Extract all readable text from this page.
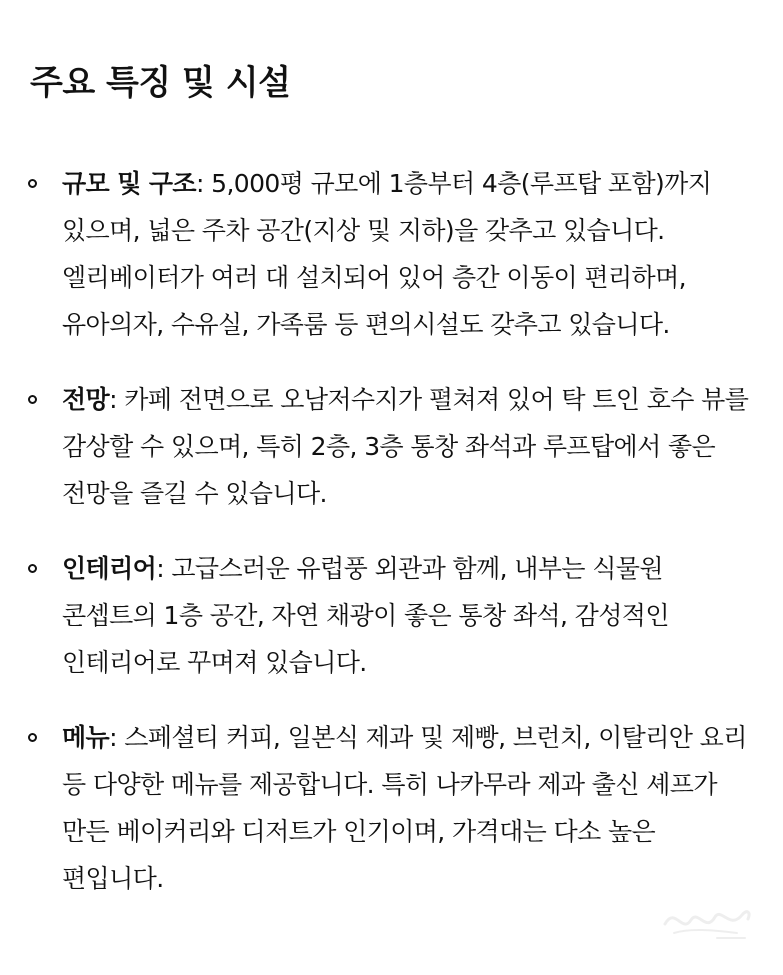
주요 특징 및 시설
규모 및 구조: 5,000평 규모에 1층부터 4층(루프탑 포함)까지 있으며, 넓은 주차 공간(지상 및 지하)을 갖추고 있습니다. 엘리베이터가 여러 대 설치되어 있어 층간 이동이 편리하며, 유아의자, 수유실, 가족룸 등 편의시설도 갖추고 있습니다.
전망: 카페 전면으로 오남저수지가 펼쳐져 있어 탁 트인 호수 뷰를 감상할 수 있으며, 특히 2층, 3층 통창 좌석과 루프탑에서 좋은 전망을 즐길 수 있습니다.
인테리어: 고급스러운 유럽풍 외관과 함께, 내부는 식물원 콘셉트의 1층 공간, 자연 채광이 좋은 통창 좌석, 감성적인 인테리어로 꾸며져 있습니다.
메뉴: 스페셜티 커피, 일본식 제과 및 제빵, 브런치, 이탈리안 요리 등 다양한 메뉴를 제공합니다. 특히 나카무라 제과 출신 셰프가 만든 베이커리와 디저트가 인기이며, 가격대는 다소 높은 편입니다.
